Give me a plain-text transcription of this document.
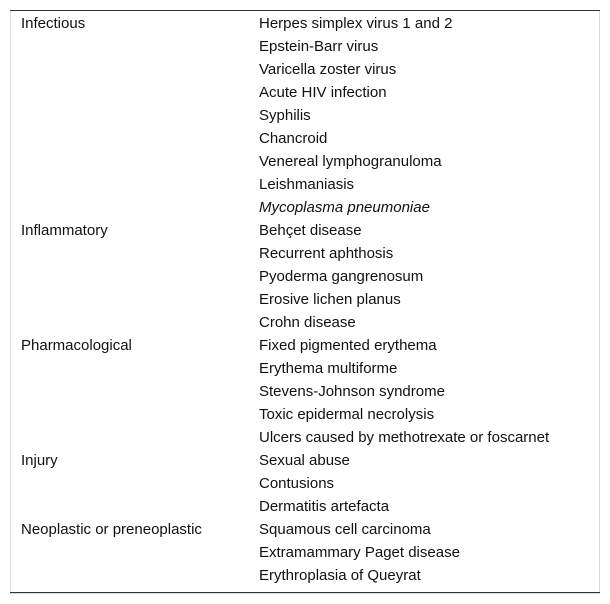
Infectious	Herpes simplex virus 1 and 2
Epstein-Barr virus
Varicella zoster virus
Acute HIV infection
Syphilis
Chancroid
Venereal lymphogranuloma
Leishmaniasis
Mycoplasma pneumoniae
Inflammatory	Behçet disease
Recurrent aphthosis
Pyoderma gangrenosum
Erosive lichen planus
Crohn disease
Pharmacological	Fixed pigmented erythema
Erythema multiforme
Stevens-Johnson syndrome
Toxic epidermal necrolysis
Ulcers caused by methotrexate or foscarnet
Injury	Sexual abuse
Contusions
Dermatitis artefacta
Neoplastic or preneoplastic	Squamous cell carcinoma
Extramammary Paget disease
Erythroplasia of Queyrat
